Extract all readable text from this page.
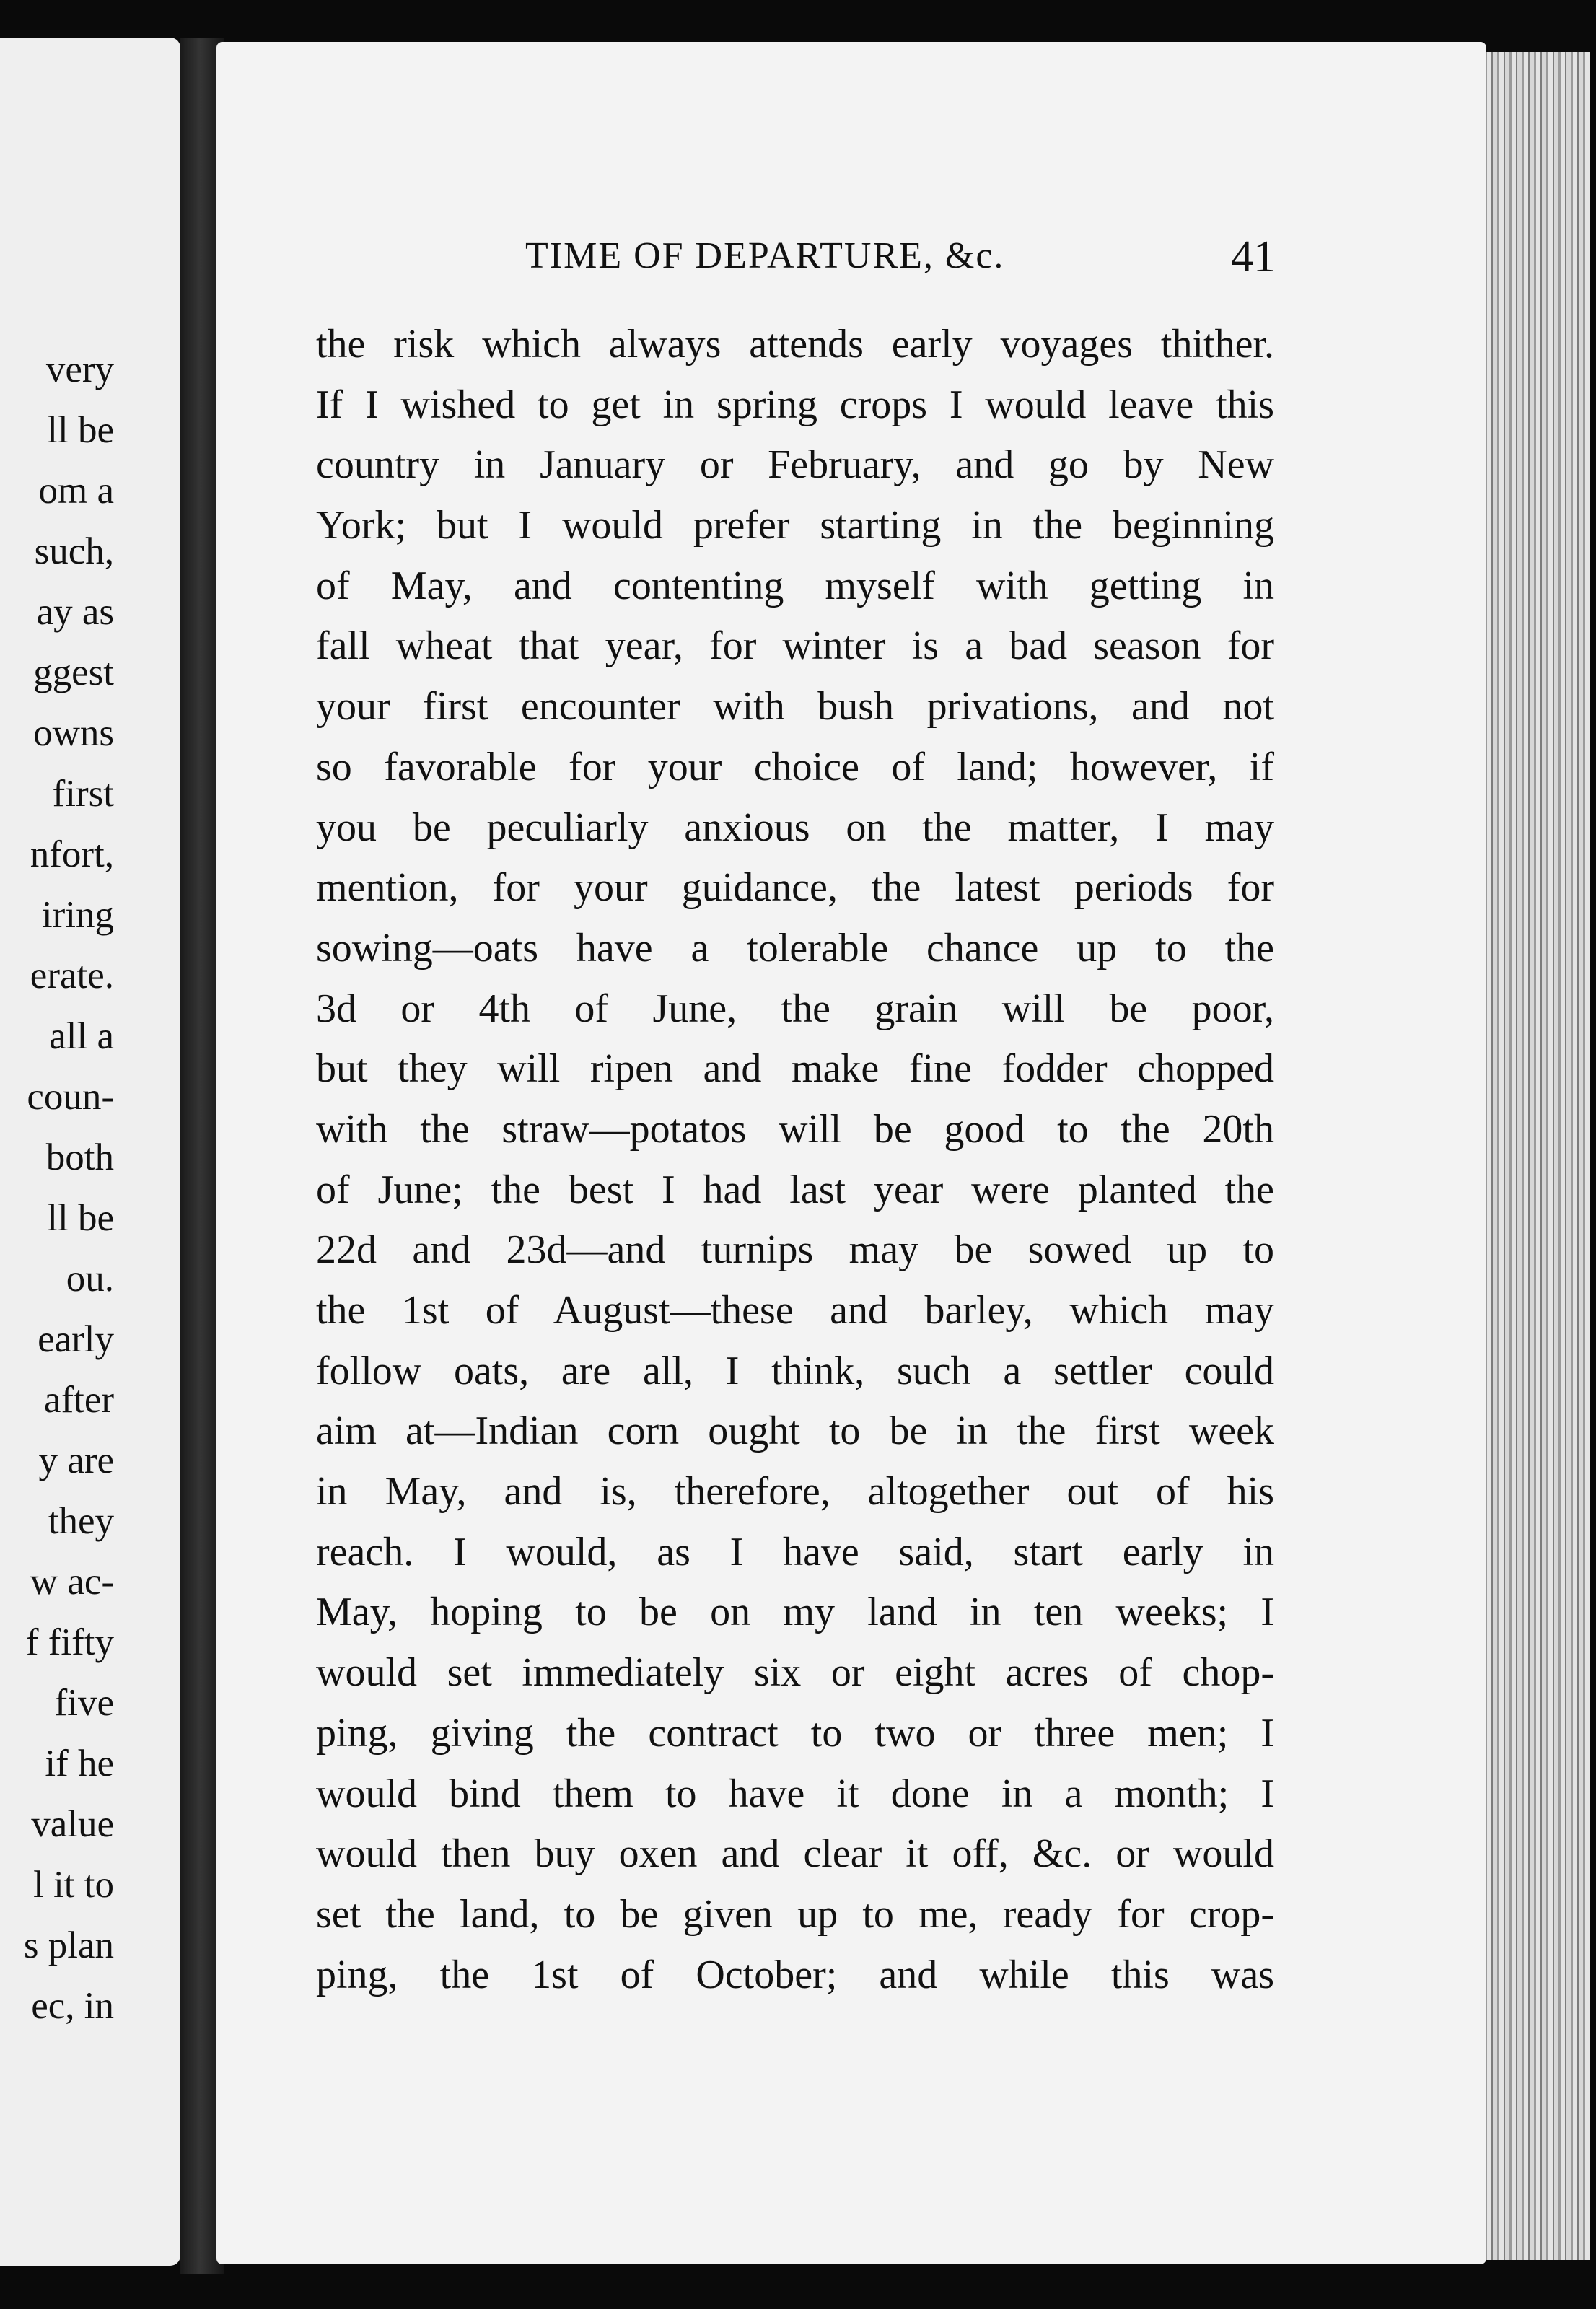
very
ll be
om a
such,
ay as
ggest
owns
first
nfort,
iring
erate.
all a
coun-
both
ll be
ou.
early
after
y are
they
w ac-
f fifty
five
if he
value
l it to
s plan
ec, in
TIME OF DEPARTURE, &c.	41
the risk which always attends early voyages thither.
If I wished to get in spring crops I would leave this
country in January or February, and go by New
York; but I would prefer starting in the beginning
of May, and contenting myself with getting in
fall wheat that year, for winter is a bad season for
your first encounter with bush privations, and not
so favorable for your choice of land; however, if
you be peculiarly anxious on the matter, I may
mention, for your guidance, the latest periods for
sowing—oats have a tolerable chance up to the
3d or 4th of June, the grain will be poor,
but they will ripen and make fine fodder chopped
with the straw—potatos will be good to the 20th
of June; the best I had last year were planted the
22d and 23d—and turnips may be sowed up to
the 1st of August—these and barley, which may
follow oats, are all, I think, such a settler could
aim at—Indian corn ought to be in the first week
in May, and is, therefore, altogether out of his
reach. I would, as I have said, start early in
May, hoping to be on my land in ten weeks; I
would set immediately six or eight acres of chop-
ping, giving the contract to two or three men; I
would bind them to have it done in a month; I
would then buy oxen and clear it off, &c. or would
set the land, to be given up to me, ready for crop-
ping, the 1st of October; and while this was
